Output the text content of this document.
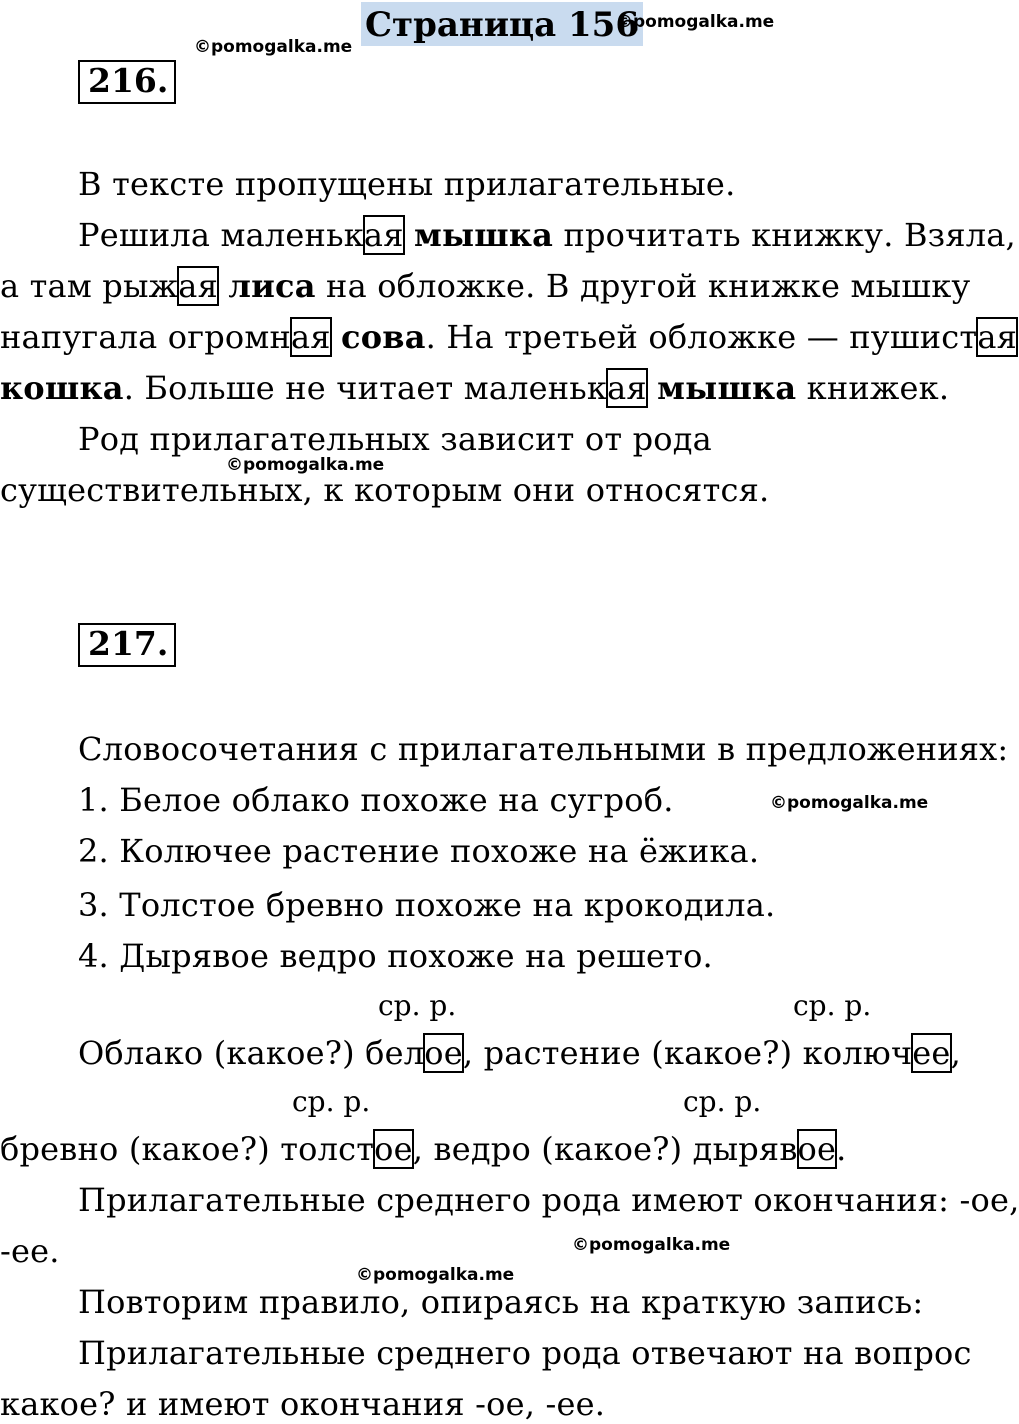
Страница 156
©pomogalka.me
©pomogalka.me
216.
В тексте пропущены прилагательные.
Решила маленькая мышка прочитать книжку. Взяла,
а там рыжая лиса на обложке. В другой книжке мышку
напугала огромная сова. На третьей обложке — пушистая
кошка. Больше не читает маленькая мышка книжек.
Род прилагательных зависит от рода
©pomogalka.me
существительных, к которым они относятся.
217.
Словосочетания с прилагательными в предложениях:
1. Белое облако похоже на сугроб.	©pomogalka.me
2. Колючее растение похоже на ёжика.
3. Толстое бревно похоже на крокодила.
4. Дырявое ведро похоже на решето.
ср. р.	ср. р.
Облако (какое?) белое, растение (какое?) колючее,
ср. р.	ср. р.
бревно (какое?) толстое, ведро (какое?) дырявое.
Прилагательные среднего рода имеют окончания: -ое,
-ее.	©pomogalka.me
©pomogalka.me
Повторим правило, опираясь на краткую запись:
Прилагательные среднего рода отвечают на вопрос
какое? и имеют окончания -ое, -ее.
